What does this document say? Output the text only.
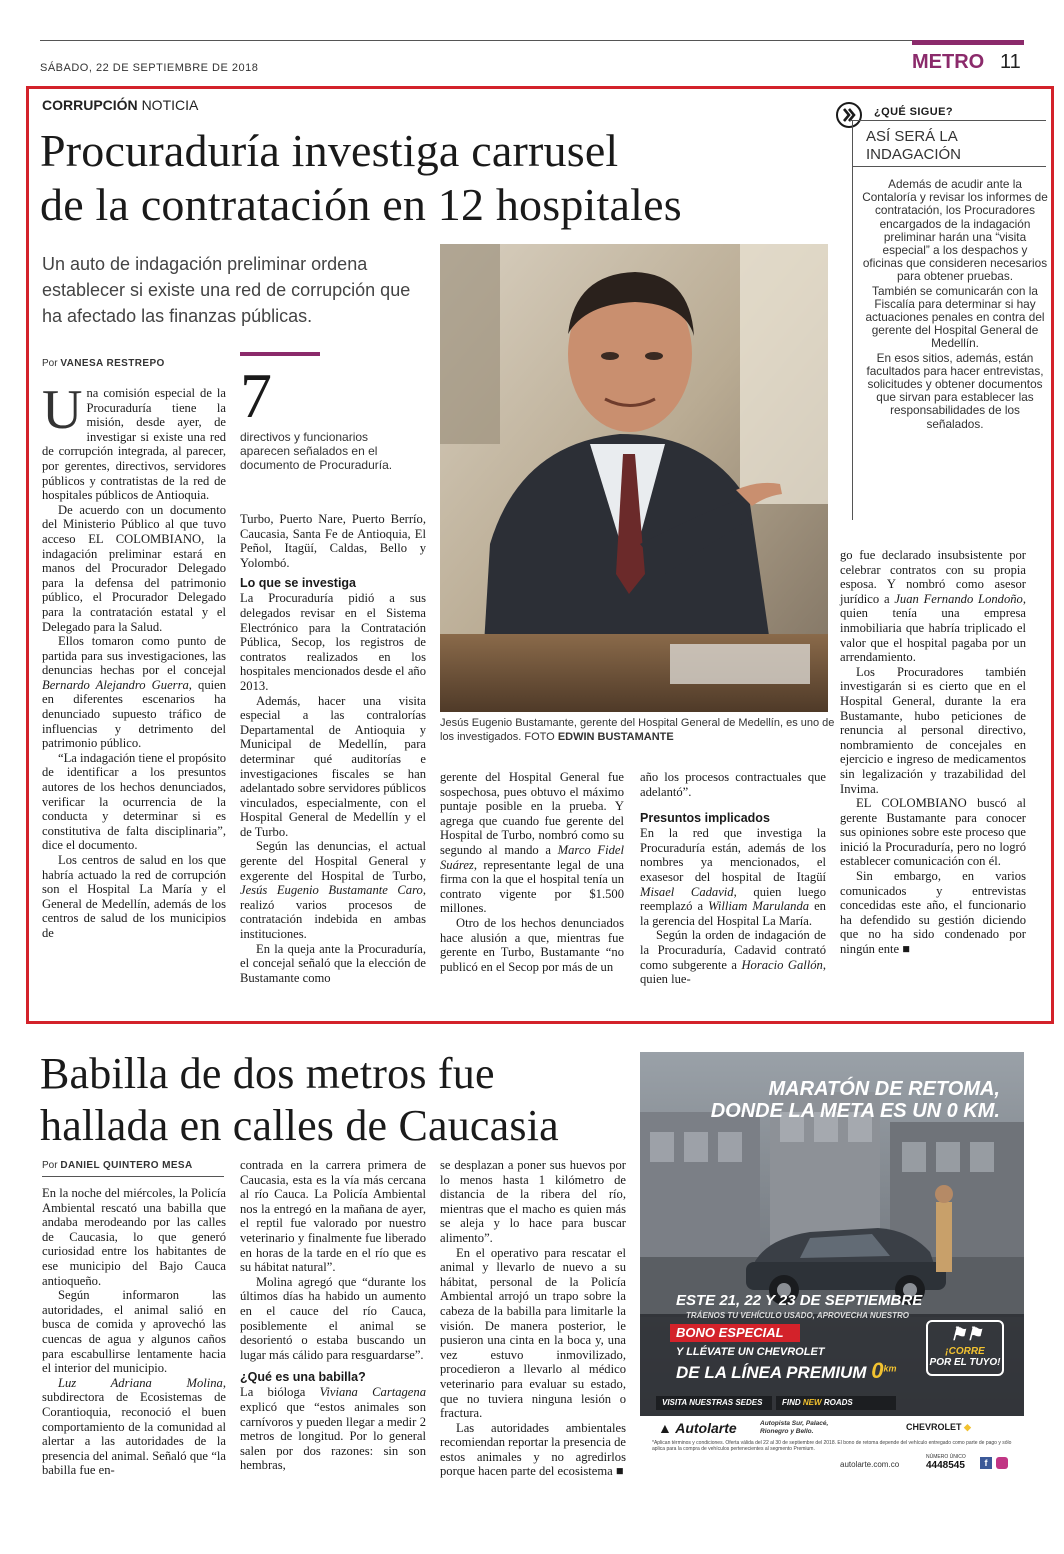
SÁBADO, 22 DE SEPTIEMBRE DE 2018	METRO 11
CORRUPCIÓN NOTICIA
Procuraduría investiga carrusel
de la contratación en 12 hospitales
Un auto de indagación preliminar ordena establecer si existe una red de corrupción que ha afectado las finanzas públicas.
Por VANESA RESTREPO

Una comisión especial de la Procuraduría tiene la misión, desde ayer, de investigar si existe una red de corrupción integrada, al parecer, por gerentes, directivos, servidores públicos y contratistas de la red de hospitales públicos de Antioquia.

De acuerdo con un documento del Ministerio Público al que tuvo acceso EL COLOMBIANO, la indagación preliminar estará en manos del Procurador Delegado para la defensa del patrimonio público, el Procurador Delegado para la contratación estatal y el Delegado para la Salud.

Ellos tomaron como punto de partida para sus investigaciones, las denuncias hechas por el concejal Bernardo Alejandro Guerra, quien en diferentes escenarios ha denunciado supuesto tráfico de influencias y detrimento del patrimonio público.

“La indagación tiene el propósito de identificar a los presuntos autores de los hechos denunciados, verificar la ocurrencia de la conducta y determinar si es constitutiva de falta disciplinaria”, dice el documento.

Los centros de salud en los que habría actuado la red de corrupción son el Hospital La María y el General de Medellín, además de los centros de salud de los municipios de

7
directivos y funcionarios aparecen señalados en el documento de Procuraduría.

Turbo, Puerto Nare, Puerto Berrío, Caucasia, Santa Fe de Antioquia, El Peñol, Itagüí, Caldas, Bello y Yolombó.

Lo que se investiga

La Procuraduría pidió a sus delegados revisar en el Sistema Electrónico para la Contratación Pública, Secop, los registros de contratos realizados en los hospitales mencionados desde el año 2013.

Además, hacer una visita especial a las contralorías Departamental de Antioquia y Municipal de Medellín, para determinar qué auditorías e investigaciones fiscales se han adelantado sobre servidores públicos vinculados, especialmente, con el Hospital General de Medellín y el de Turbo.

Según las denuncias, el actual gerente del Hospital General y exgerente del Hospital de Turbo, Jesús Eugenio Bustamante Caro, realizó varios procesos de contratación indebida en ambas instituciones.

En la queja ante la Procuraduría, el concejal señaló que la elección de Bustamante como

Jesús Eugenio Bustamante, gerente del Hospital General de Medellín, es uno de los investigados. FOTO EDWIN BUSTAMANTE

gerente del Hospital General fue sospechosa, pues obtuvo el máximo puntaje posible en la prueba. Y agrega que cuando fue gerente del Hospital de Turbo, nombró como su segundo al mando a Marco Fidel Suárez, representante legal de una firma con la que el hospital tenía un contrato vigente por $1.500 millones.

Otro de los hechos denunciados hace alusión a que, mientras fue gerente en Turbo, Bustamante “no publicó en el Secop por más de un

año los procesos contractuales que adelantó”.

Presuntos implicados

En la red que investiga la Procuraduría están, además de los nombres ya mencionados, el exasesor del hospital de Itagüí Misael Cadavid, quien luego reemplazó a William Marulanda en la gerencia del Hospital La María.

Según la orden de indagación de la Procuraduría, Cadavid contrató como subgerente a Horacio Gallón, quien lue-

¿QUÉ SIGUE?
ASÍ SERÁ LA INDAGACIÓN

Además de acudir ante la Contaloría y revisar los informes de contratación, los Procuradores encargados de la indagación preliminar harán una “visita especial” a los despachos y oficinas que consideren necesarios para obtener pruebas.

También se comunicarán con la Fiscalía para determinar si hay actuaciones penales en contra del gerente del Hospital General de Medellín.

En esos sitios, además, están facultados para hacer entrevistas, solicitudes y obtener documentos que sirvan para establecer las responsabilidades de los señalados.

go fue declarado insubsistente por celebrar contratos con su propia esposa. Y nombró como asesor jurídico a Juan Fernando Londoño, quien tenía una empresa inmobiliaria que habría triplicado el valor que el hospital pagaba por un arrendamiento.

Los Procuradores también investigarán si es cierto que en el Hospital General, durante la era Bustamante, hubo peticiones de renuncia al personal directivo, nombramiento de concejales en ejercicio e ingreso de medicamentos sin legalización y trazabilidad del Invima.

EL COLOMBIANO buscó al gerente Bustamante para conocer sus opiniones sobre este proceso que inició la Procuraduría, pero no logró establecer comunicación con él.

Sin embargo, en varios comunicados y entrevistas concedidas este año, el funcionario ha defendido su gestión diciendo que no ha sido condenado por ningún ente ■

Babilla de dos metros fue
hallada en calles de Caucasia
Por DANIEL QUINTERO MESA

En la noche del miércoles, la Policía Ambiental rescató una babilla que andaba merodeando por las calles de Caucasia, lo que generó curiosidad entre los habitantes de ese municipio del Bajo Cauca antioqueño.

Según informaron las autoridades, el animal salió en busca de comida y aprovechó las cuencas de agua y algunos caños para escabullirse lentamente hacia el interior del municipio.

Luz Adriana Molina, subdirectora de Ecosistemas de Corantioquia, reconoció el buen comportamiento de la comunidad al alertar a las autoridades de la presencia del animal. Señaló que “la babilla fue en-

contrada en la carrera primera de Caucasia, esta es la vía más cercana al río Cauca. La Policía Ambiental nos la entregó en la mañana de ayer, el reptil fue valorado por nuestro veterinario y finalmente fue liberado en horas de la tarde en el río que es su hábitat natural”.

Molina agregó que “durante los últimos días ha habido un aumento en el cauce del río Cauca, posiblemente el animal se desorientó o estaba buscando un lugar más cálido para resguardarse”.

¿Qué es una babilla?

La bióloga Viviana Cartagena explicó que “estos animales son carnívoros y pueden llegar a medir 2 metros de longitud. Por lo general salen por dos razones: sin son hembras,

se desplazan a poner sus huevos por lo menos hasta 1 kilómetro de distancia de la ribera del río, mientras que el macho es quien más se aleja y lo hace para buscar alimento”.

En el operativo para rescatar el animal y llevarlo de nuevo a su hábitat, personal de la Policía Ambiental arrojó un trapo sobre la cabeza de la babilla para limitarle la visión. De manera posterior, le pusieron una cinta en la boca y, una vez estuvo inmovilizado, procedieron a llevarlo al médico veterinario para evaluar su estado, que no tuviera ninguna lesión o fractura.

Las autoridades ambientales recomiendan reportar la presencia de estos animales y no agredirlos porque hacen parte del ecosistema ■

MARATÓN DE RETOMA,
DONDE LA META ES UN 0 KM.
ESTE 21, 22 Y 23 DE SEPTIEMBRE
TRÁENOS TU VEHÍCULO USADO, APROVECHA NUESTRO
BONO ESPECIAL
Y LLÉVATE UN CHEVROLET
DE LA LÍNEA PREMIUM $0^{km}$
¡CORRE
POR EL TUYO!
⚑⚑
VISITA NUESTRAS SEDES	FIND NEW ROADS
▲ Autolarte	Autopista Sur, Palacé, Rionegro y Bello.	CHEVROLET ◆
*Aplican términos y condiciones. Oferta válida del 22 al 30 de septiembre del 2018. El bono de retoma depende del vehículo entregado como parte de pago y sólo aplica para la compra de vehículos pertenecientes al segmento Premium.
autolarte.com.co
NÚMERO ÚNICO
4448545	f
